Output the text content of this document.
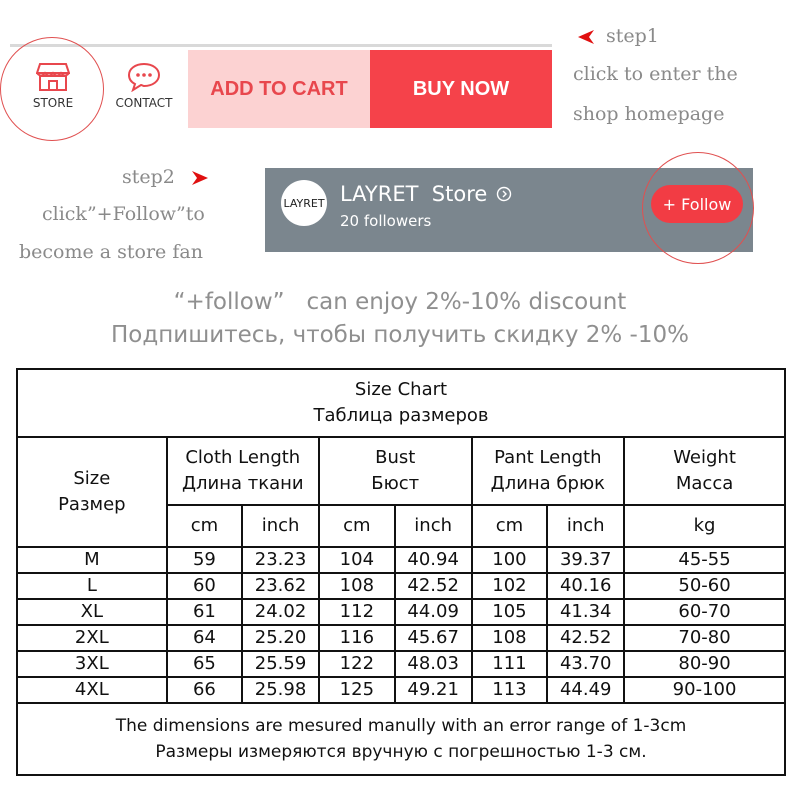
STORE	CONTACT
ADD TO CART	BUY NOW
step1
click to enter the
shop homepage
step2
click”+Follow”to
become a store fan
LAYRET LAYRET  Store
20 followers
+ Follow
“+follow”   can enjoy 2%-10% discount
Подпишитесь, чтобы получить скидку 2% -10%
Size Chart
Таблица размеров							
Size
Размер	Cloth Length
Длина ткани		Bust
Бюст		Pant Length
Длина брюк		Weight
Масса
	cm	inch	cm	inch	cm	inch	kg
M	59	23.23	104	40.94	100	39.37	45-55
L	60	23.62	108	42.52	102	40.16	50-60
XL	61	24.02	112	44.09	105	41.34	60-70
2XL	64	25.20	116	45.67	108	42.52	70-80
3XL	65	25.59	122	48.03	111	43.70	80-90
4XL	66	25.98	125	49.21	113	44.49	90-100
The dimensions are mesured manully with an error range of 1-3cm
Размеры измеряются вручную с погрешностью 1-3 см.							
